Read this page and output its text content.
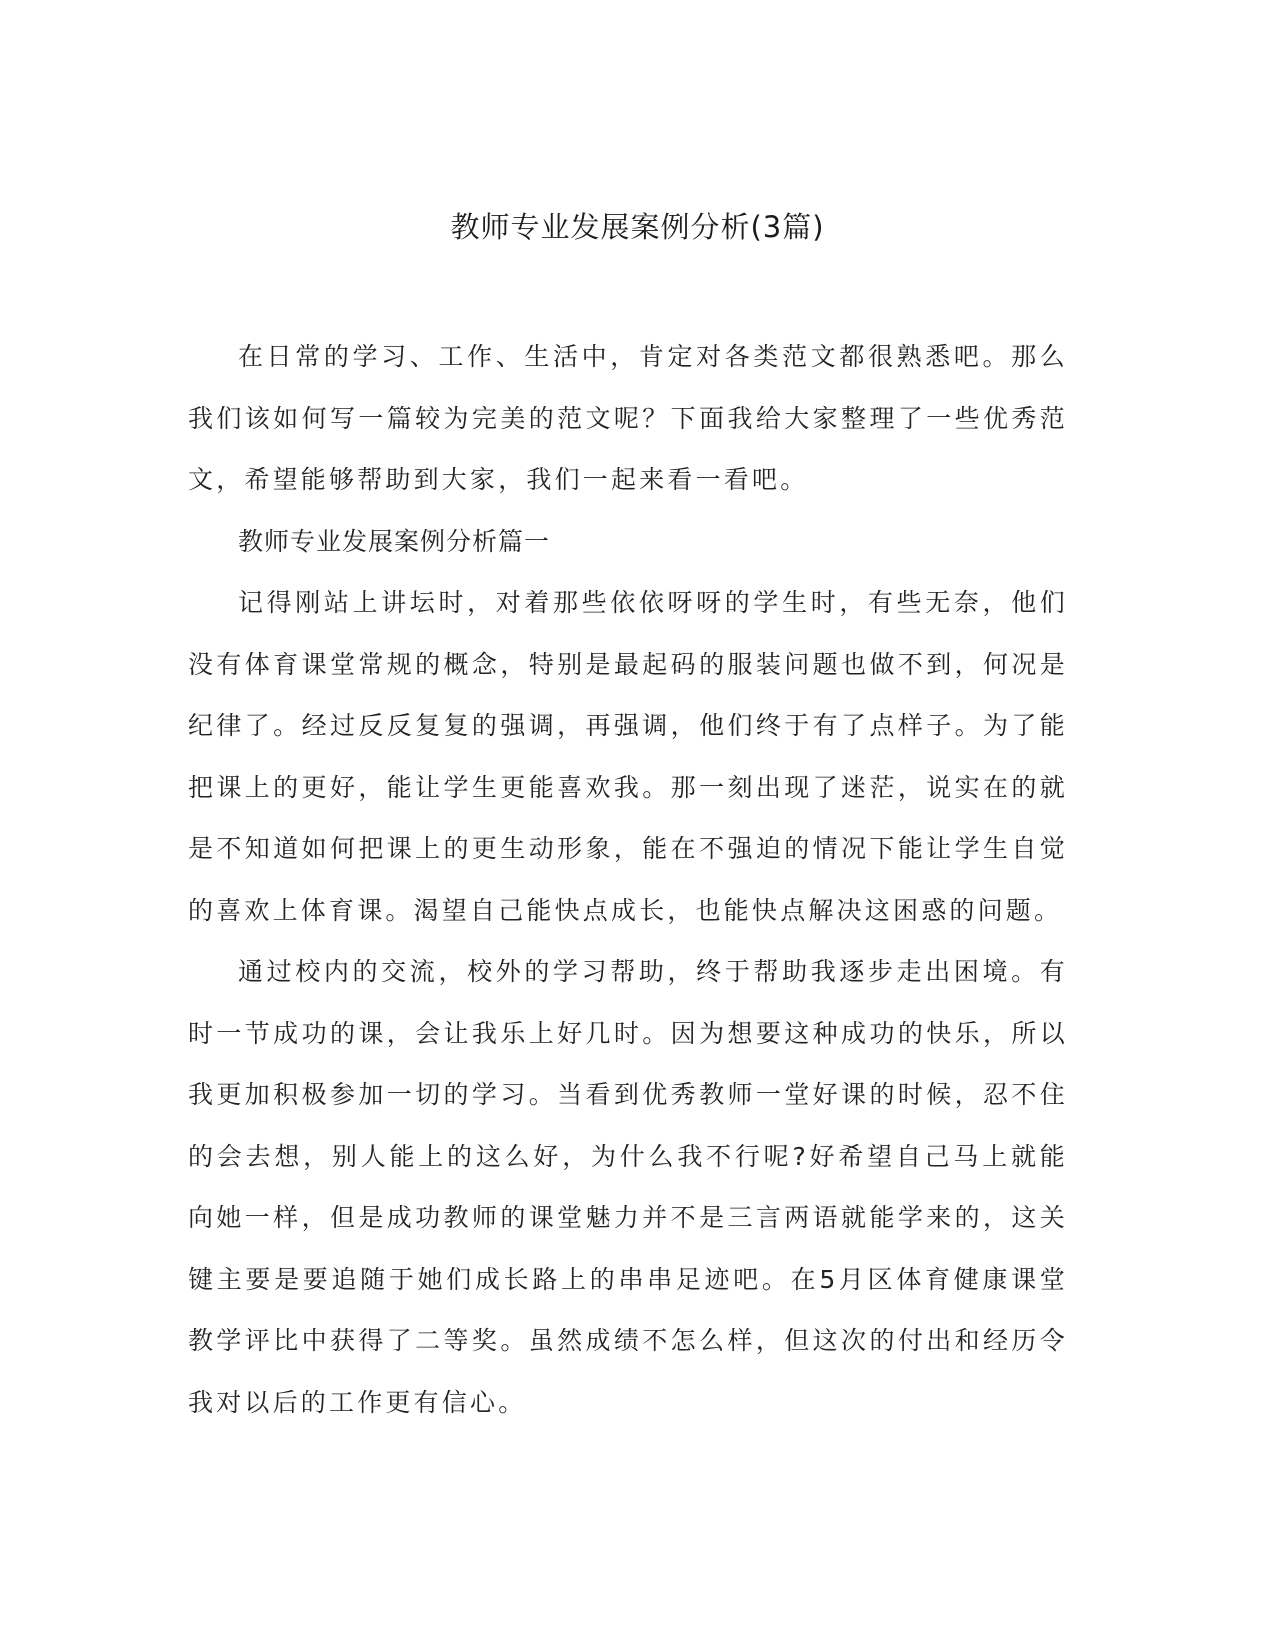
教师专业发展案例分析(3篇)

在日常的学习、工作、生活中，肯定对各类范文都很熟悉吧。那么我们该如何写一篇较为完美的范文呢？下面我给大家整理了一些优秀范文，希望能够帮助到大家，我们一起来看一看吧。

教师专业发展案例分析篇一

记得刚站上讲坛时，对着那些依依呀呀的学生时，有些无奈，他们没有体育课堂常规的概念，特别是最起码的服装问题也做不到，何况是纪律了。经过反反复复的强调，再强调，他们终于有了点样子。为了能把课上的更好，能让学生更能喜欢我。那一刻出现了迷茫，说实在的就是不知道如何把课上的更生动形象，能在不强迫的情况下能让学生自觉的喜欢上体育课。渴望自己能快点成长，也能快点解决这困惑的问题。

通过校内的交流，校外的学习帮助，终于帮助我逐步走出困境。有时一节成功的课，会让我乐上好几时。因为想要这种成功的快乐，所以我更加积极参加一切的学习。当看到优秀教师一堂好课的时候，忍不住的会去想，别人能上的这么好，为什么我不行呢?好希望自己马上就能向她一样，但是成功教师的课堂魅力并不是三言两语就能学来的，这关键主要是要追随于她们成长路上的串串足迹吧。在5月区体育健康课堂教学评比中获得了二等奖。虽然成绩不怎么样，但这次的付出和经历令我对以后的工作更有信心。
